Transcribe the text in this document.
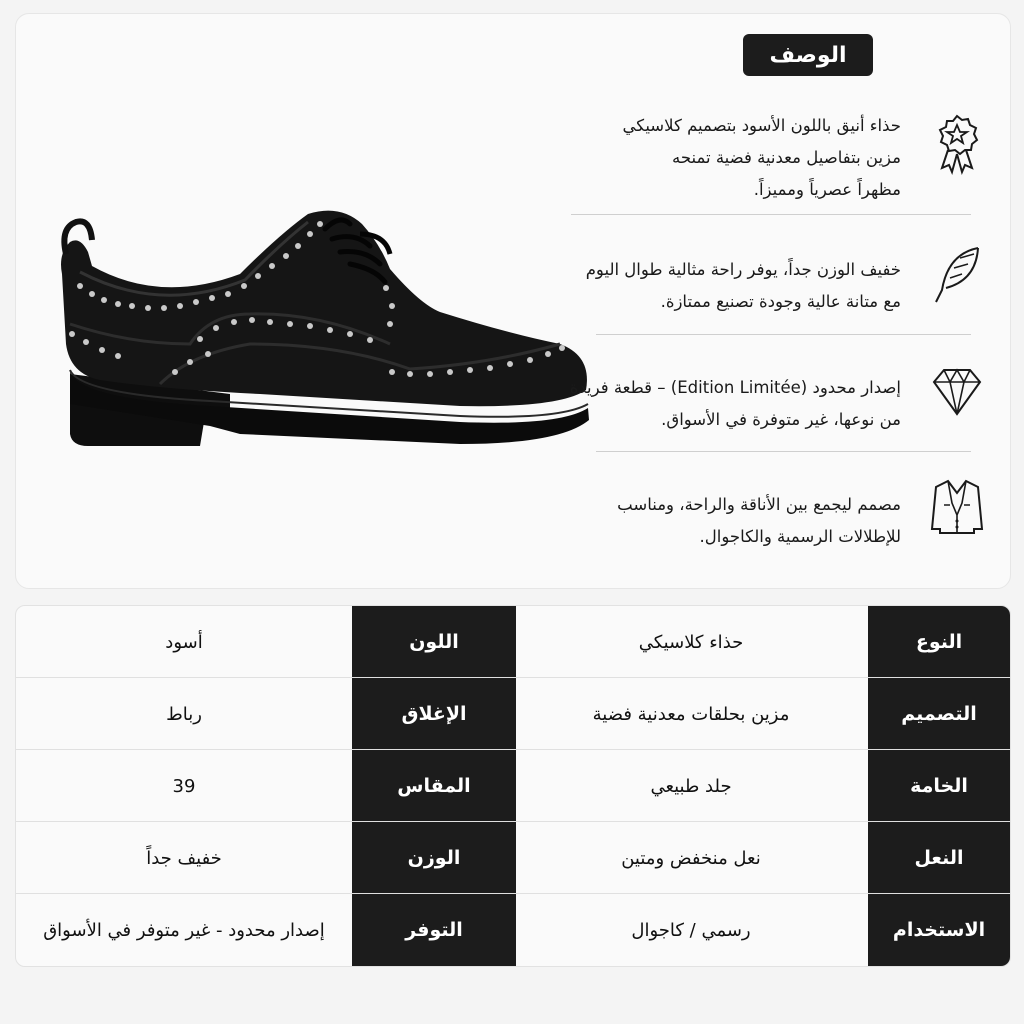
الوصف
حذاء أنيق باللون الأسود بتصميم كلاسيكي
مزين بتفاصيل معدنية فضية تمنحه
مظهراً عصرياً ومميزاً.
خفيف الوزن جداً، يوفر راحة مثالية طوال اليوم
مع متانة عالية وجودة تصنيع ممتازة.
إصدار محدود (Edition Limitée) – قطعة فريدة
من نوعها، غير متوفرة في الأسواق.
مصمم ليجمع بين الأناقة والراحة، ومناسب
للإطلالات الرسمية والكاجوال.
النوع
حذاء كلاسيكي
اللون
أسود
التصميم
مزين بحلقات معدنية فضية
الإغلاق
رباط
الخامة
جلد طبيعي
المقاس
39
النعل
نعل منخفض ومتين
الوزن
خفيف جداً
الاستخدام
رسمي / كاجوال
التوفر
إصدار محدود - غير متوفر في الأسواق
